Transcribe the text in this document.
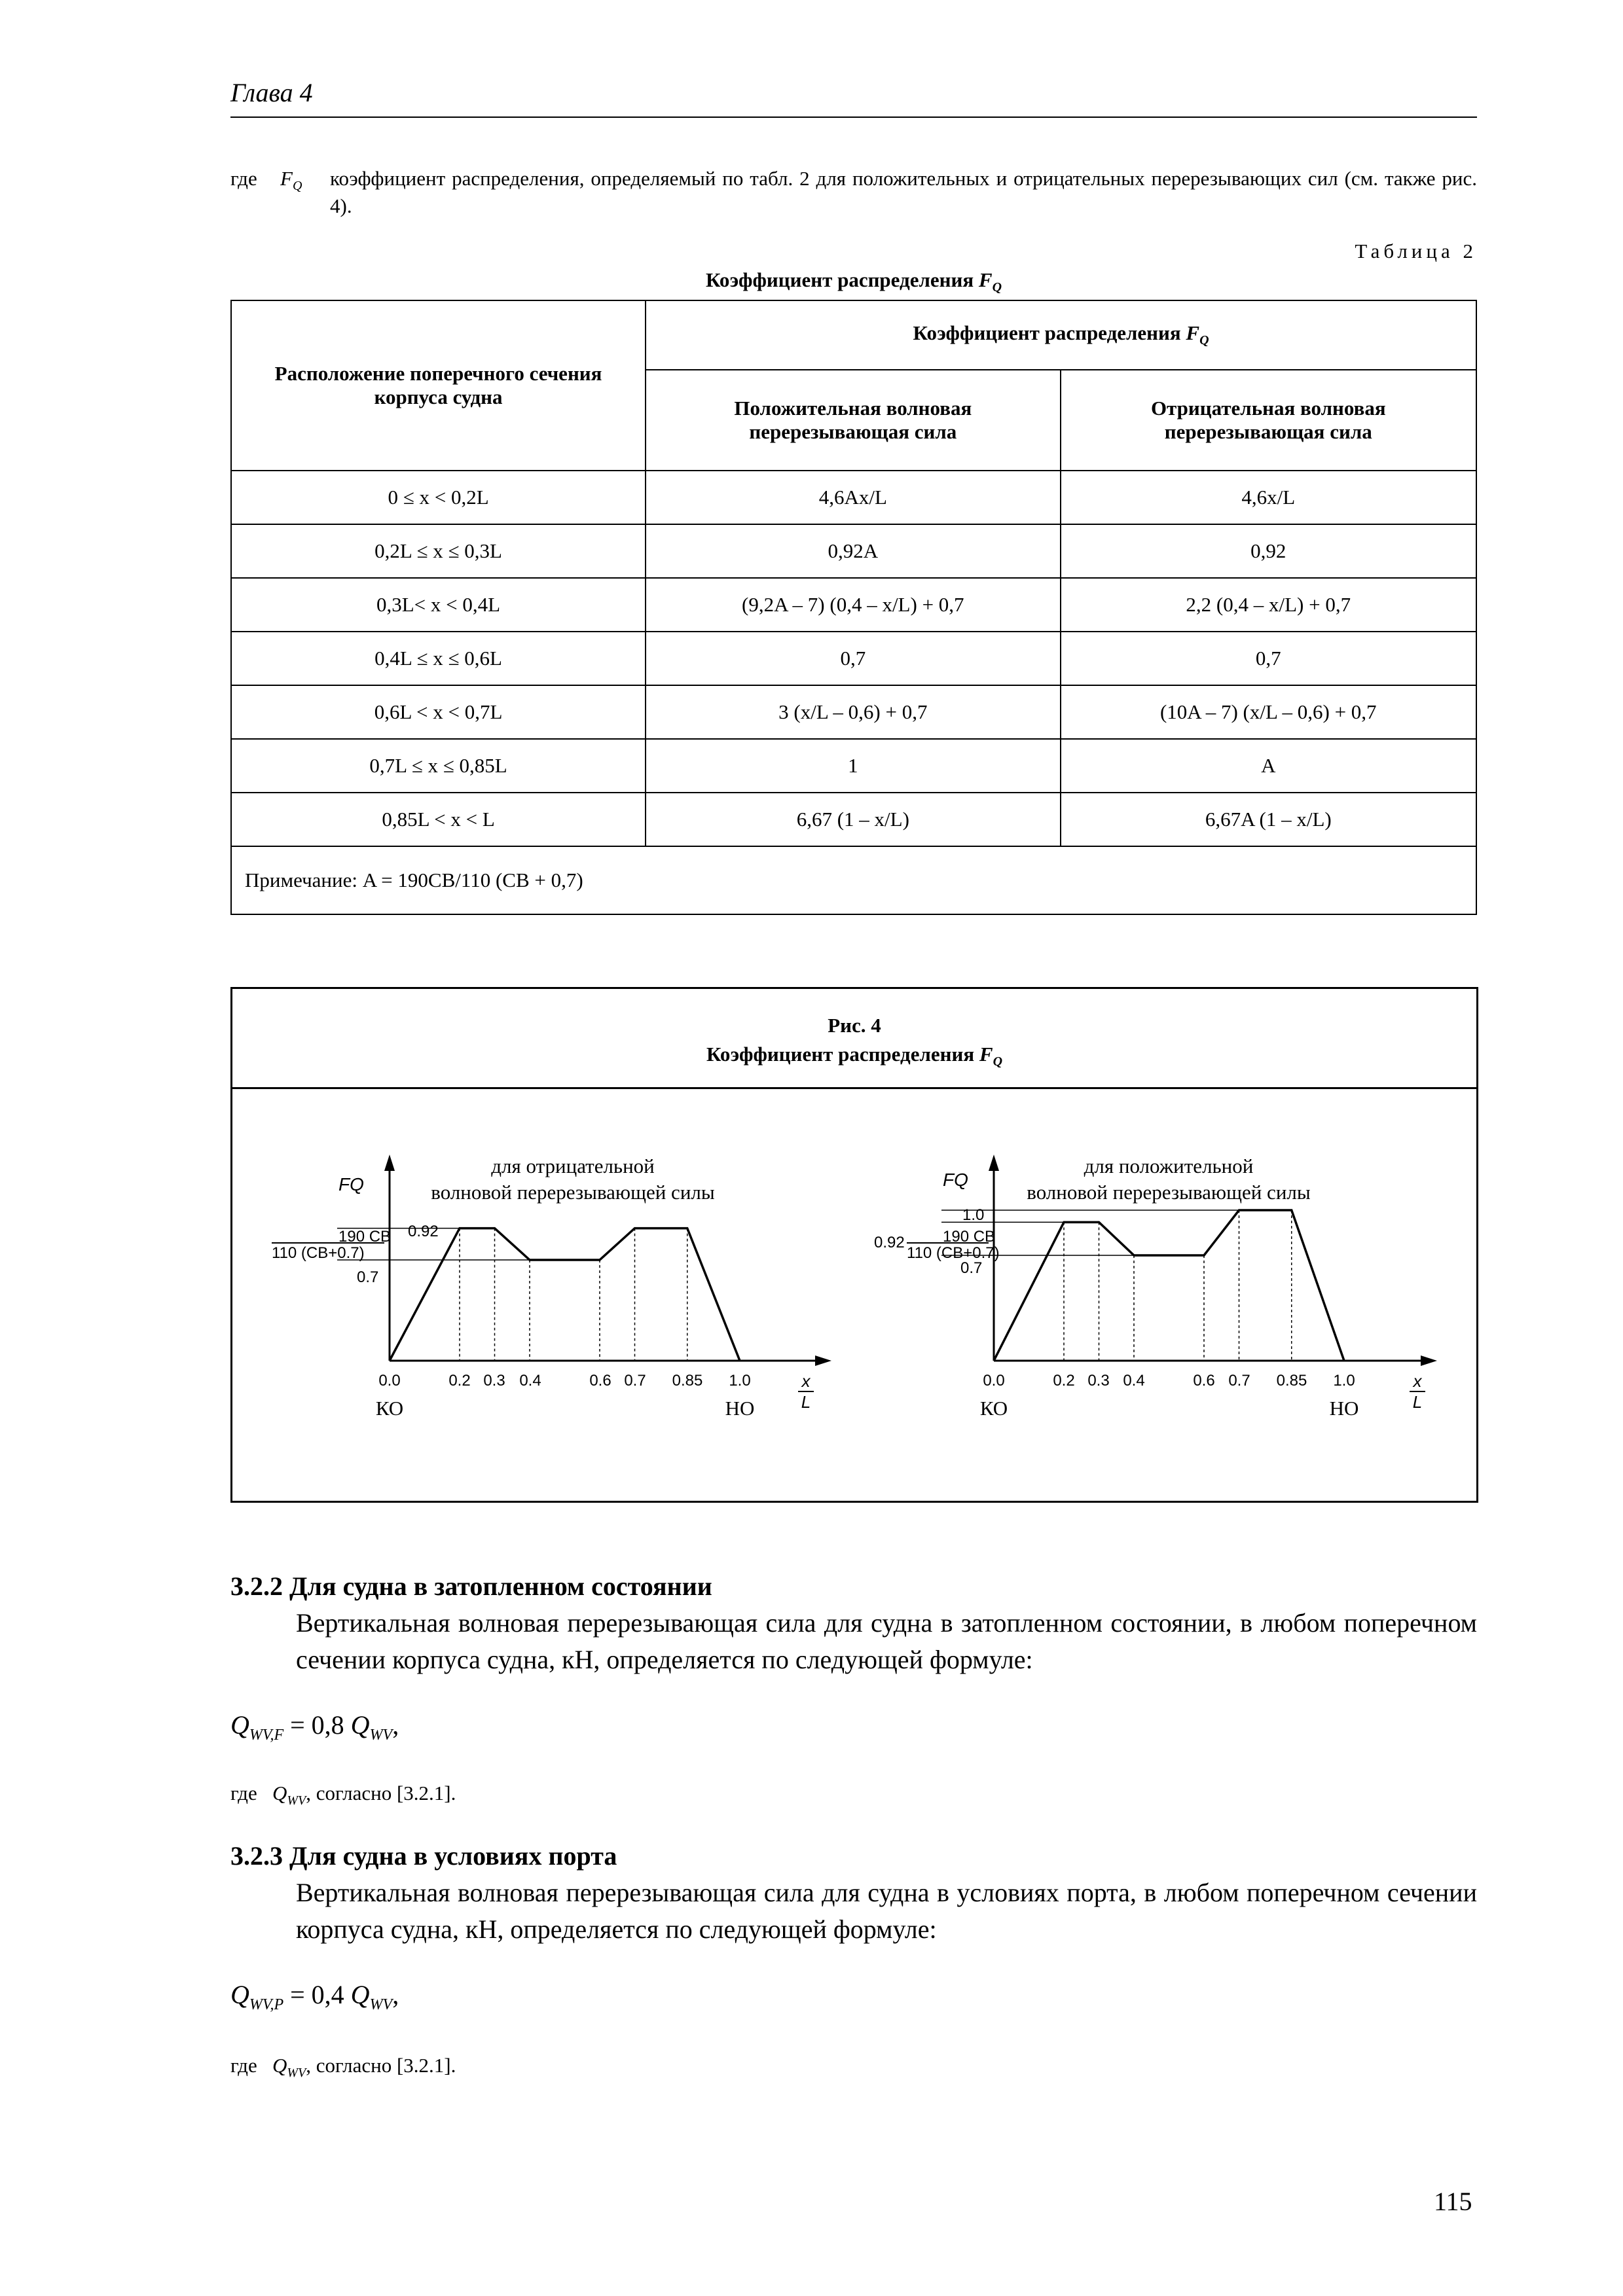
Глава 4
где $F_Q$ коэффициент распределения, определяемый по табл. 2 для положительных и отрицательных перерезывающих сил (см. также рис. 4).
Таблица 2
Коэффициент распределения $F_Q$
Расположение поперечного сечения корпуса судна	Коэффициент распределения $F_Q$
	Положительная волновая перерезывающая сила	Отрицательная волновая перерезывающая сила
0 ≤ x < 0,2L	4,6Ax/L	4,6x/L
0,2L ≤ x ≤ 0,3L	0,92A	0,92
0,3L< x < 0,4L	(9,2A – 7) (0,4 – x/L) + 0,7	2,2 (0,4 – x/L) + 0,7
0,4L ≤ x ≤ 0,6L	0,7	0,7
0,6L < x < 0,7L	3 (x/L – 0,6) + 0,7	(10A – 7) (x/L – 0,6) + 0,7
0,7L ≤ x ≤ 0,85L	1	A
0,85L < x < L	6,67 (1 – x/L)	6,67A (1 – x/L)
Примечание: A = 190CB/110 (CB + 0,7)		
Рис. 4
Коэффициент распределения $F_Q$
для отрицательной
волновой перерезывающей силы
FQ
x
L
190 CB
110 (CB+0.7)
0.92
0.7
0.0	0.2 0.3 0.4	0.6 0.7 0.85 1.0
КО	НО
для положительной
волновой перерезывающей силы
FQ
x
L
1.0
0.92 190 CB
110 (CB+0.7)
0.7
0.0	0.2 0.3 0.4	0.6 0.7 0.85 1.0
КО	НО
3.2.2 Для судна в затопленном состоянии
Вертикальная волновая перерезывающая сила для судна в затопленном состоянии, в любом поперечном сечении корпуса судна, кН, определяется по следующей формуле:
$Q_{WV,F} = 0,8$ $Q_{WV}$,
где $Q_{WV}$, согласно [3.2.1].
3.2.3 Для судна в условиях порта
Вертикальная волновая перерезывающая сила для судна в условиях порта, в любом поперечном сечении корпуса судна, кН, определяется по следующей формуле:
$Q_{WV,P} = 0,4$ $Q_{WV}$,
где $Q_{WV}$, согласно [3.2.1].
115
